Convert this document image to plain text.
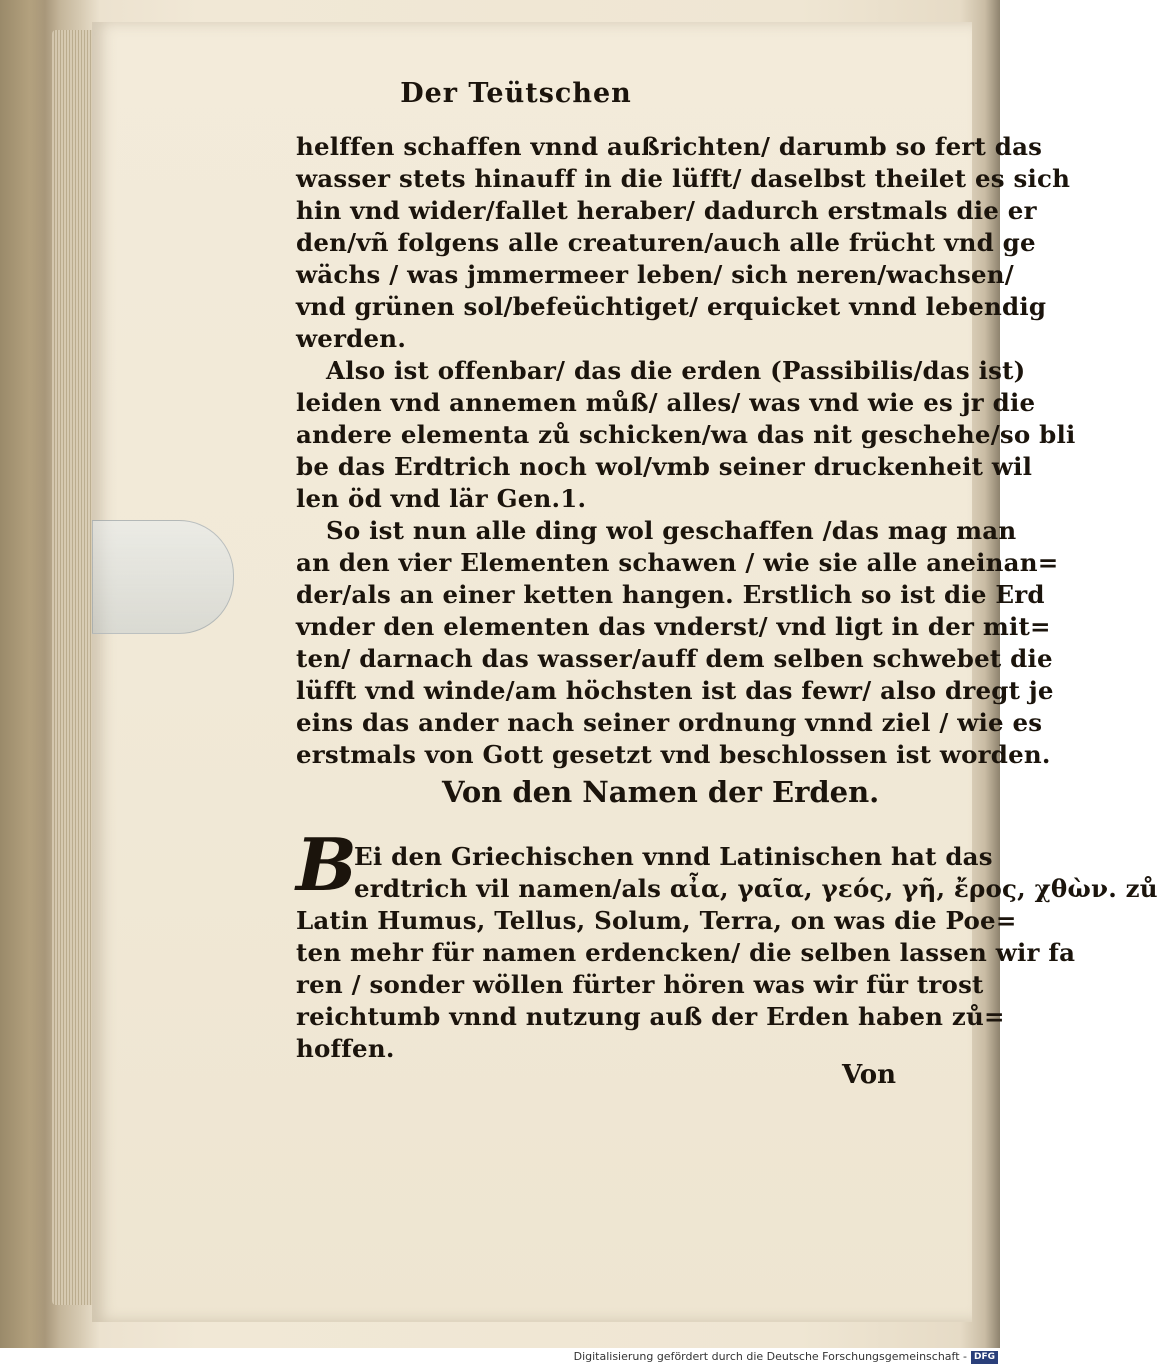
Der Teütschen
helffen schaffen vnnd außrichten/ darumb so fert das
wasser stets hinauff in die lüfft/ daselbst theilet es sich
hin vnd wider/fallet heraber/ dadurch erstmals die er
den/vñ folgens alle creaturen/auch alle frücht vnd ge
wächs / was jmmermeer leben/ sich neren/wachsen/
vnd grünen sol/befeüchtiget/ erquicket vnnd lebendig
werden.
Also ist offenbar/ das die erden (Passibilis/das ist)
leiden vnd annemen můß/ alles/ was vnd wie es jr die
andere elementa zů schicken/wa das nit geschehe/so bli
be das Erdtrich noch wol/vmb seiner druckenheit wil
len öd vnd lär Gen.1.
So ist nun alle ding wol geschaffen /das mag man
an den vier Elementen schawen / wie sie alle aneinan=
der/als an einer ketten hangen. Erstlich so ist die Erd
vnder den elementen das vnderst/ vnd ligt in der mit=
ten/ darnach das wasser/auff dem selben schwebet die
lüfft vnd winde/am höchsten ist das fewr/ also dregt je
eins das ander nach seiner ordnung vnnd ziel / wie es
erstmals von Gott gesetzt vnd beschlossen ist worden.
Von den Namen der Erden.
B
Ei den Griechischen vnnd Latinischen hat das
erdtrich vil namen/als αἶα, γαῖα, γεός, γῆ, ἔρος, χθὼν. zů
Latin Humus, Tellus, Solum, Terra, on was die Poe=
ten mehr für namen erdencken/ die selben lassen wir fa
ren / sonder wöllen fürter hören was wir für trost
reichtumb vnnd nutzung auß der Erden haben zů=
hoffen.
Von
Digitalisierung gefördert durch die Deutsche Forschungsgemeinschaft - DFG
